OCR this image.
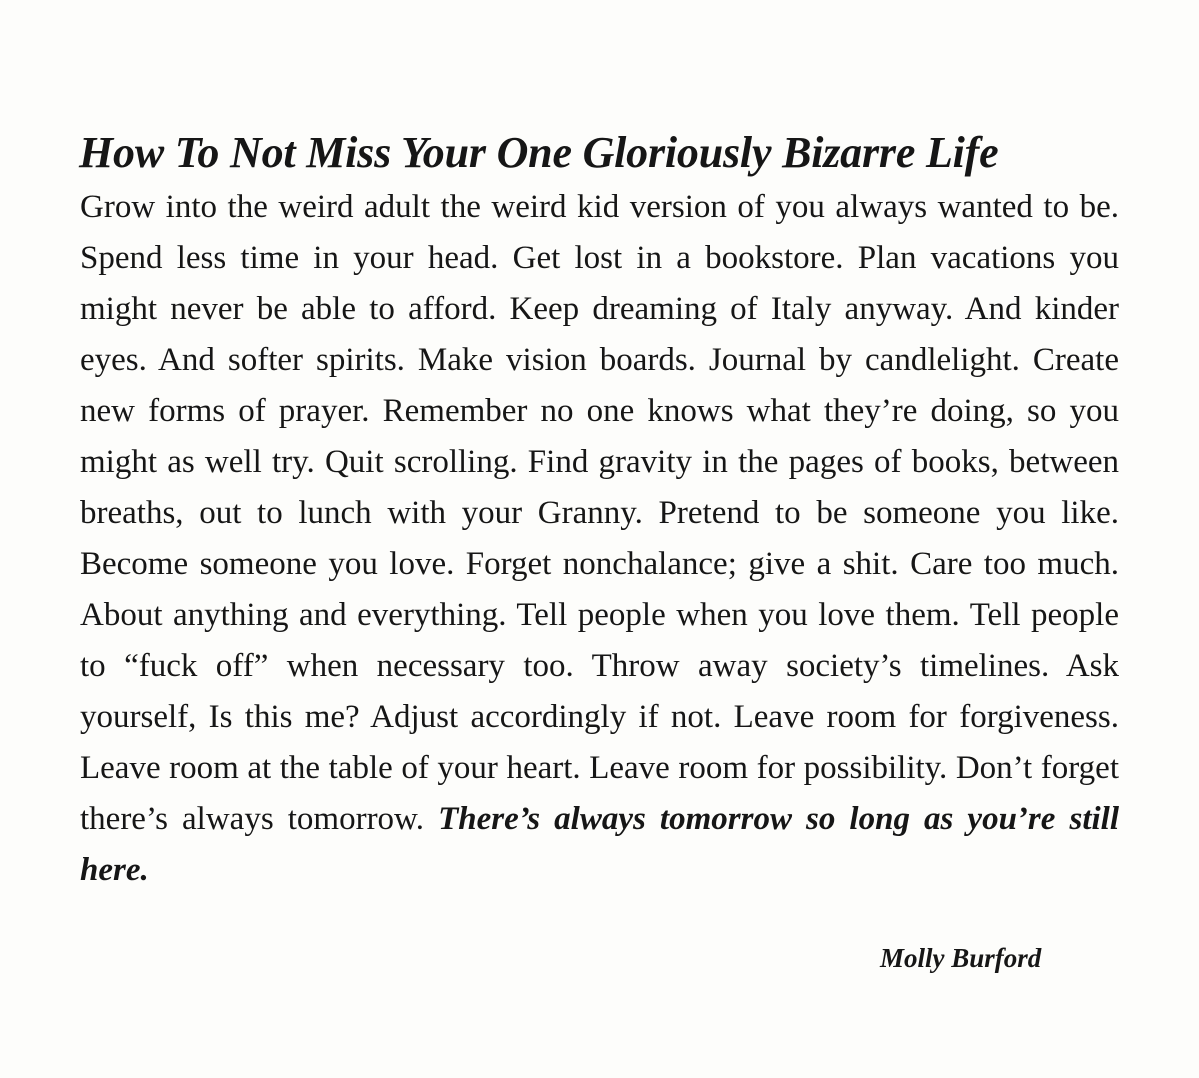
How To Not Miss Your One Gloriously Bizarre Life

Grow into the weird adult the weird kid version of you always wanted to be. Spend less time in your head. Get lost in a bookstore. Plan vacations you might never be able to afford. Keep dreaming of Italy anyway. And kinder eyes. And softer spirits. Make vision boards. Journal by candlelight. Create new forms of prayer. Remember no one knows what they’re doing, so you might as well try. Quit scrolling. Find gravity in the pages of books, between breaths, out to lunch with your Granny. Pretend to be someone you like. Become someone you love. Forget nonchalance; give a shit. Care too much. About anything and everything. Tell people when you love them. Tell people to “fuck off” when necessary too. Throw away society’s timelines. Ask yourself, Is this me? Adjust accordingly if not. Leave room for forgiveness. Leave room at the table of your heart. Leave room for possibility. Don’t forget there’s always tomorrow. There’s always tomorrow so long as you’re still here.

Molly Burford
